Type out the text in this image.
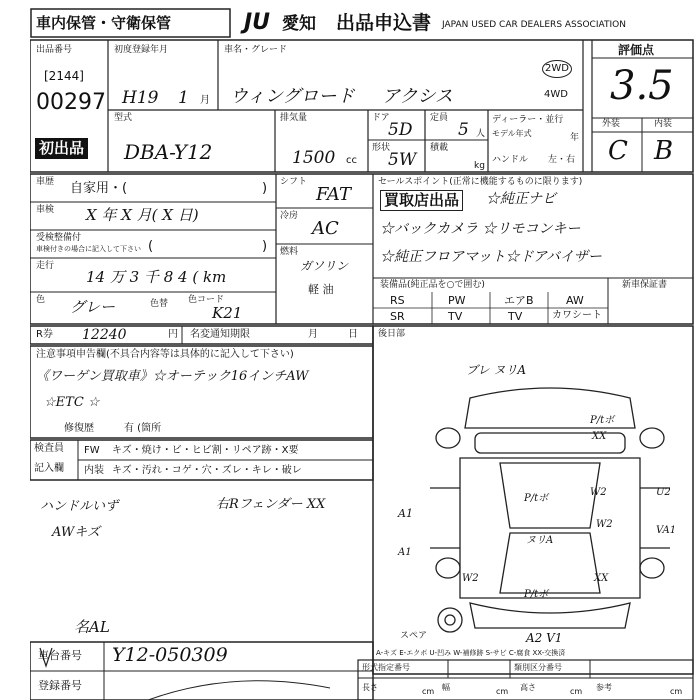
車内保管・守衛保管	JU 愛知 出品申込書 JAPAN USED CAR DEALERS ASSOCIATION
出品番号
[2144]
00297
初出品
初度登録年月
H19 1 月
車名・グレード
ウィングロード アクシス
2WD
4WD
評価点
3.5
外装	内装
C B
型式
DBA-Y12
排気量
1500 cc
ドア
5D
形状
5W
定員
5 人
積載
kg
ディーラー・並行
モデル年式	年
ハンドル 左・右
車歴 自家用・(	)
車検 X 年 X 月( X 日)
受検整備付
車検付きの場合に記入して下さい (	)
走行
14 万 3 千 8 4 ( km
色 グレー	色替 色コード
K21
シフト
FAT
冷房
AC
燃料
ガソリン
軽 油
セールスポイント(正常に機能するものに限ります)
買取店出品 ☆純正ナビ
☆バックカメラ ☆リモコンキー
☆純正フロアマット☆ドアバイザー
装備品(純正品を○で囲む)	新車保証書
RS	PW	エアB	AW
SR	TV	TV	カワシート
R券 12240	円 名変通知期限	月	日
注意事項申告欄(不具合内容等は具体的に記入して下さい)
《ワーゲン買取車》☆オーテック16インチAW
☆ETC ☆
修復歴	有 (箇所
検査員
記入欄
FW キズ・焼け・ビ・ヒビ割・リペア跡・X要
内装 キズ・汚れ・コゲ・穴・ズレ・キレ・破レ
ハンドルいず
AWキズ
右Rフェンダー XX
名AL
後日部
ブレ ヌリA
P/tボ
XX
P/tボ
W2	U2
W2
VA1
A1
ヌリA
XX
P/tボ
W2
A1
スペア	A2 V1
A-キズ E-エクボ U-凹み W-補修跡 S-サビ C-腐食 XX-交換済
車台番号 Y12-050309
登録番号
形式指定番号	類別区分番号
長さ	cm 幅	cm 高さ	cm 参考	cm
